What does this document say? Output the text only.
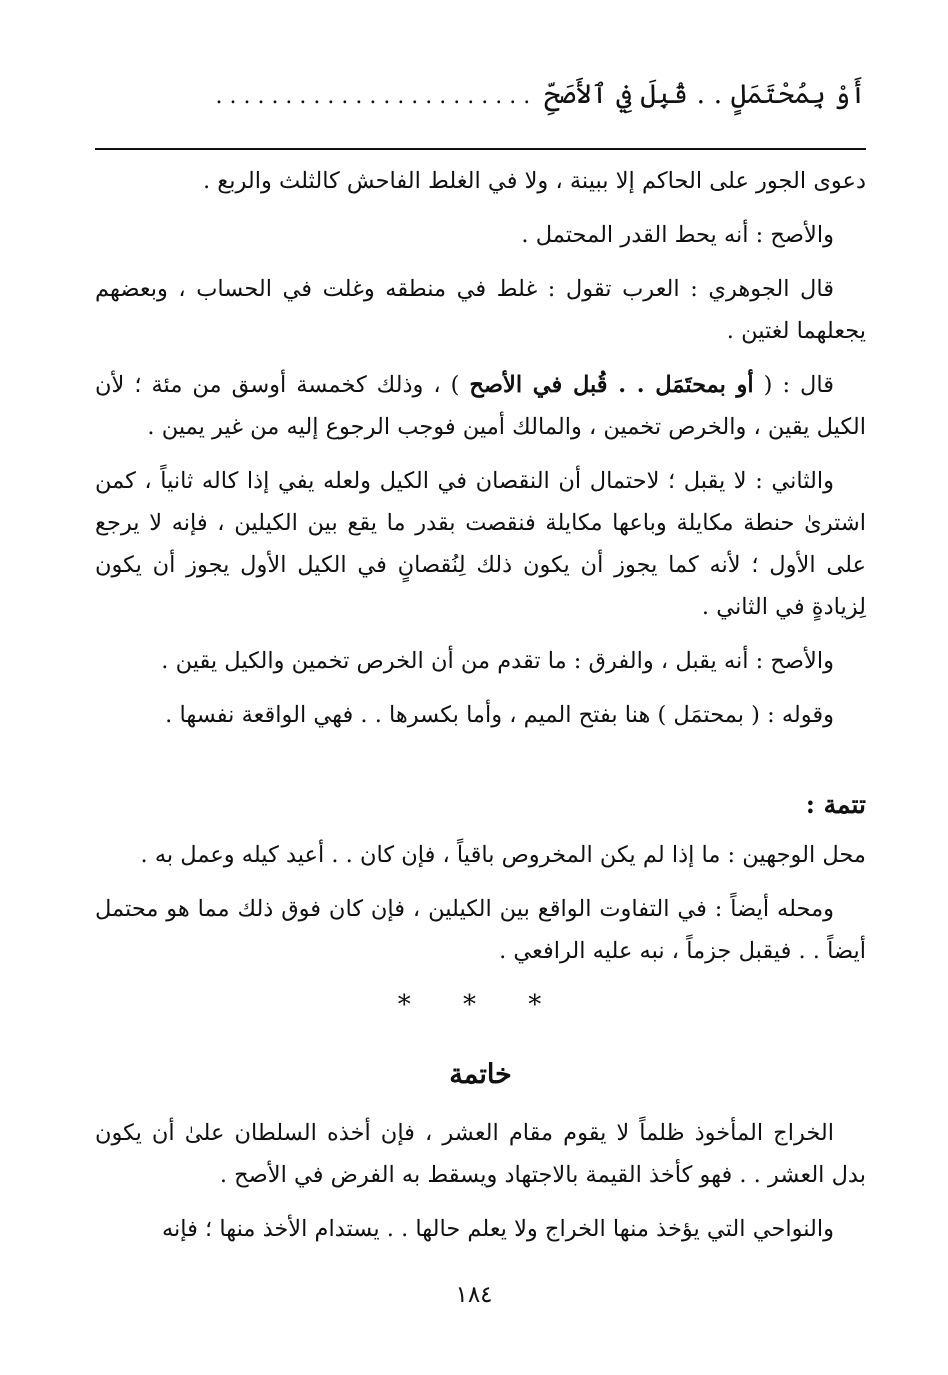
أَوْ بِمُحْتَمَلٍ . . قُبِلَ فِي ٱلأَصَحِّ. . . . . . . . . . . . . . . . . . . . . . .

دعوى الجور على الحاكم إلا ببينة ، ولا في الغلط الفاحش كالثلث والربع .

والأصح : أنه يحط القدر المحتمل .

قال الجوهري : العرب تقول : غلط في منطقه وغلت في الحساب ، وبعضهم يجعلهما لغتين .

قال : ( أو بمحتَمَل . . قُبل في الأصح ) ، وذلك كخمسة أوسق من مئة ؛ لأن الكيل يقين ، والخرص تخمين ، والمالك أمين فوجب الرجوع إليه من غير يمين .

والثاني : لا يقبل ؛ لاحتمال أن النقصان في الكيل ولعله يفي إذا كاله ثانياً ، كمن اشترىٰ حنطة مكايلة وباعها مكايلة فنقصت بقدر ما يقع بين الكيلين ، فإنه لا يرجع على الأول ؛ لأنه كما يجوز أن يكون ذلك لِنُقصانٍ في الكيل الأول يجوز أن يكون لِزيادةٍ في الثاني .

والأصح : أنه يقبل ، والفرق : ما تقدم من أن الخرص تخمين والكيل يقين .

وقوله : ( بمحتمَل ) هنا بفتح الميم ، وأما بكسرها . . فهي الواقعة نفسها .

تتمة :

محل الوجهين : ما إذا لم يكن المخروص باقياً ، فإن كان . . أعيد كيله وعمل به .

ومحله أيضاً : في التفاوت الواقع بين الكيلين ، فإن كان فوق ذلك مما هو محتمل أيضاً . . فيقبل جزماً ، نبه عليه الرافعي .

* * *

خاتمة

الخراج المأخوذ ظلماً لا يقوم مقام العشر ، فإن أخذه السلطان علىٰ أن يكون بدل العشر . . فهو كأخذ القيمة بالاجتهاد ويسقط به الفرض في الأصح .

والنواحي التي يؤخذ منها الخراج ولا يعلم حالها . . يستدام الأخذ منها ؛ فإنه

١٨٤
